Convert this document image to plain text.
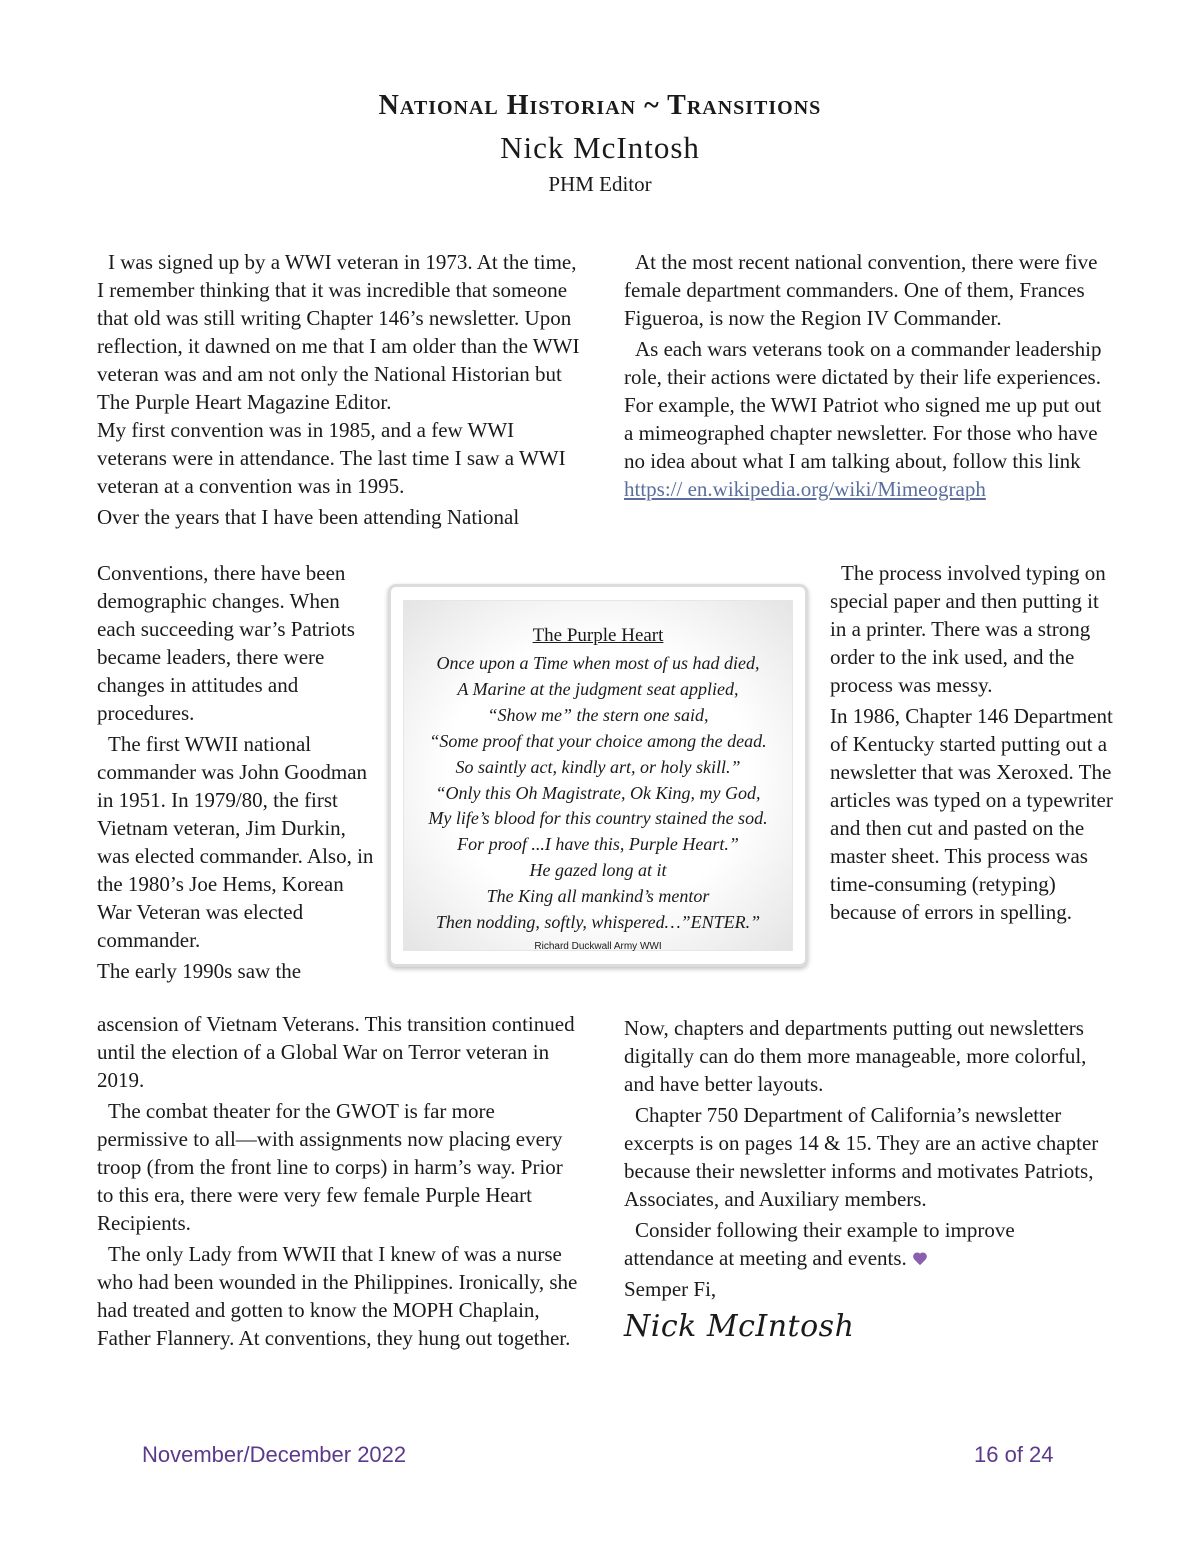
National Historian ~ Transitions
Nick McIntosh
PHM Editor

I was signed up by a WWI veteran in 1973. At the time, I remember thinking that it was incredible that someone that old was still writing Chapter 146’s newsletter. Upon reflection, it dawned on me that I am older than the WWI veteran was and am not only the National Historian but The Purple Heart Magazine Editor.

My first convention was in 1985, and a few WWI veterans were in attendance. The last time I saw a WWI veteran at a convention was in 1995.

Over the years that I have been attending National

Conventions, there have been demographic changes. When each succeeding war’s Patriots became leaders, there were changes in attitudes and procedures.

The first WWII national commander was John Goodman in 1951. In 1979/80, the first Vietnam veteran, Jim Durkin, was elected commander. Also, in the 1980’s Joe Hems, Korean War Veteran was elected commander.

The early 1990s saw the

ascension of Vietnam Veterans. This transition continued until the election of a Global War on Terror veteran in 2019.

The combat theater for the GWOT is far more permissive to all—with assignments now placing every troop (from the front line to corps) in harm’s way. Prior to this era, there were very few female Purple Heart Recipients.

The only Lady from WWII that I knew of was a nurse who had been wounded in the Philippines. Ironically, she had treated and gotten to know the MOPH Chaplain, Father Flannery. At conventions, they hung out together.

The Purple Heart
Once upon a Time when most of us had died,
A Marine at the judgment seat applied,
“Show me” the stern one said,
“Some proof that your choice among the dead.
So saintly act, kindly art, or holy skill.”
“Only this Oh Magistrate, Ok King, my God,
My life’s blood for this country stained the sod.
For proof ...I have this, Purple Heart.”
He gazed long at it
The King all mankind’s mentor
Then nodding, softly, whispered…”ENTER.”
Richard Duckwall Army WWI

At the most recent national convention, there were five female department commanders. One of them, Frances Figueroa, is now the Region IV Commander.

As each wars veterans took on a commander leadership role, their actions were dictated by their life experiences. For example, the WWI Patriot who signed me up put out a mimeographed chapter newsletter. For those who have no idea about what I am talking about, follow this link https:// en.wikipedia.org/wiki/Mimeograph

The process involved typing on special paper and then putting it in a printer. There was a strong order to the ink used, and the process was messy.

In 1986, Chapter 146 Department of Kentucky started putting out a newsletter that was Xeroxed. The articles was typed on a typewriter and then cut and pasted on the master sheet. This process was time-consuming (retyping) because of errors in spelling.

Now, chapters and departments putting out newsletters digitally can do them more manageable, more colorful, and have better layouts.

Chapter 750 Department of California’s newsletter excerpts is on pages 14 & 15. They are an active chapter because their newsletter informs and motivates Patriots, Associates, and Auxiliary members.

Consider following their example to improve attendance at meeting and events.

Semper Fi,

Nick McIntosh
November/December 2022	16 of 24
